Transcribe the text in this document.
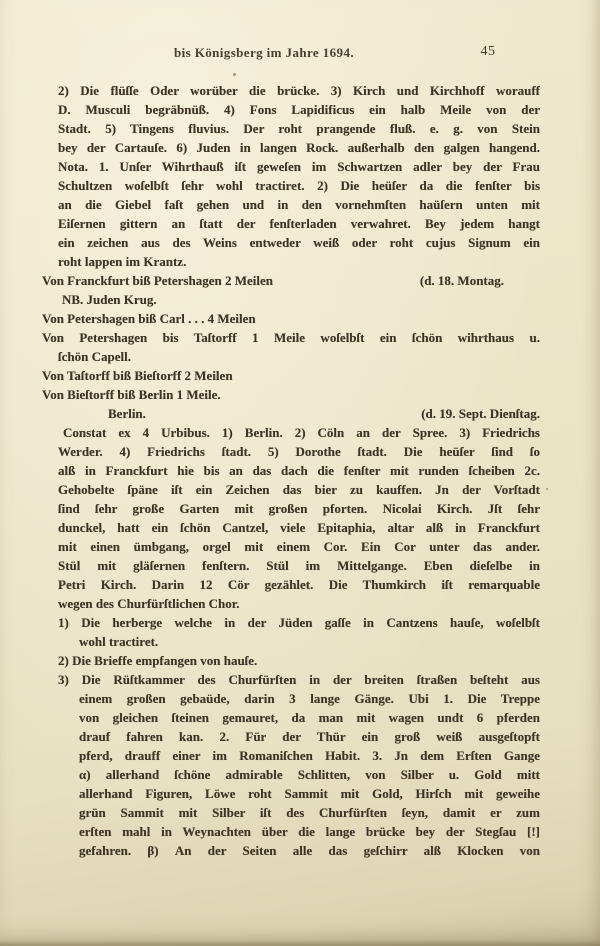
bis Königsberg im Jahre 1694.	45
2) Die flüſſe Oder worüber die brücke. 3) Kirch und Kirchhoff worauff
D. Musculi begräbnüß. 4) Fons Lapidificus ein halb Meile von der
Stadt. 5) Tingens fluvius. Der roht prangende fluß. e. g. von Stein
bey der Cartauſe. 6) Juden in langen Rock. außerhalb den galgen hangend.
Nota. 1. Unſer Wihrthauß iſt geweſen im Schwartzen adler bey der Frau
Schultzen woſelbſt ſehr wohl tractiret. 2) Die heüſer da die fenſter bis
an die Giebel faſt gehen und in den vornehmſten haüſern unten mit
Eiſernen gittern an ſtatt der fenſterladen verwahret. Bey jedem hangt
ein zeichen aus des Weins entweder weiß oder roht cujus Signum ein
roht lappen im Krantz.
Von Franckfurt biß Petershagen 2 Meilen	(d. 18. Montag.
NB. Juden Krug.
Von Petershagen biß Carl . . . 4 Meilen
Von Petershagen bis Taſtorff 1 Meile woſelbſt ein ſchön wihrthaus u.
ſchön Capell.
Von Taſtorff biß Bieſtorff 2 Meilen
Von Bieſtorff biß Berlin 1 Meile.
Berlin.	(d. 19. Sept. Dienſtag.
Constat ex 4 Urbibus. 1) Berlin. 2) Cöln an der Spree. 3) Friedrichs
Werder. 4) Friedrichs ſtadt. 5) Dorothe ſtadt. Die heüſer ſind ſo
alß in Franckfurt hie bis an das dach die fenſter mit runden ſcheiben 2c.
Gehobelte ſpäne iſt ein Zeichen das bier zu kauffen. Jn der Vorſtadt
ſind ſehr große Garten mit großen pforten. Nicolai Kirch. Jſt ſehr
dunckel, hatt ein ſchön Cantzel, viele Epitaphia, altar alß in Franckfurt
mit einen ümbgang, orgel mit einem Cor. Ein Cor unter das ander.
Stül mit gläſernen fenſtern. Stül im Mittelgange. Eben dieſelbe in
Petri Kirch. Darin 12 Cör gezählet. Die Thumkirch iſt remarquable
wegen des Churfürſtlichen Chor.
1) Die herberge welche in der Jüden gaſſe in Cantzens hauſe, woſelbſt
wohl tractiret.
2) Die Brieffe empfangen von hauſe.
3) Die Rüſtkammer des Churfürſten in der breiten ſtraßen beſteht aus
einem großen gebaüde, darin 3 lange Gänge. Ubi 1. Die Treppe
von gleichen ſteinen gemauret, da man mit wagen undt 6 pferden
drauf fahren kan. 2. Für der Thür ein groß weiß ausgeſtopft
pferd, drauff einer im Romaniſchen Habit. 3. Jn dem Erſten Gange
α) allerhand ſchöne admirable Schlitten, von Silber u. Gold mitt
allerhand Figuren, Löwe roht Sammit mit Gold, Hirſch mit geweihe
grün Sammit mit Silber iſt des Churfürſten ſeyn, damit er zum
erſten mahl in Weynachten über die lange brücke bey der Stegſau [!]
gefahren. β) An der Seiten alle das geſchirr alß Klocken von
